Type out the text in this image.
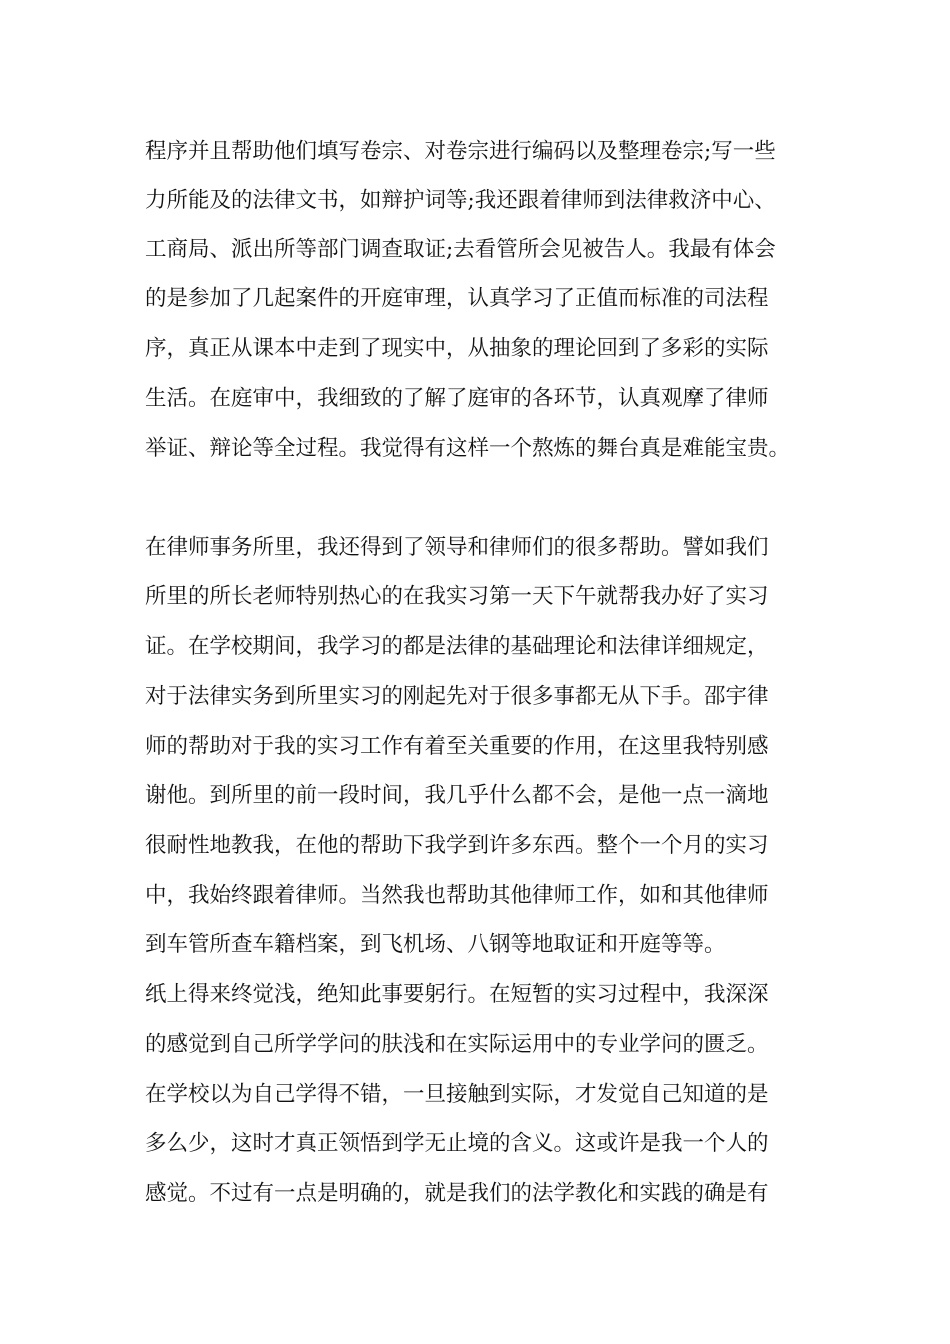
程序并且帮助他们填写卷宗、对卷宗进行编码以及整理卷宗;写一些
力所能及的法律文书，如辩护词等;我还跟着律师到法律救济中心、
工商局、派出所等部门调查取证;去看管所会见被告人。我最有体会
的是参加了几起案件的开庭审理，认真学习了正值而标准的司法程
序，真正从课本中走到了现实中，从抽象的理论回到了多彩的实际
生活。在庭审中，我细致的了解了庭审的各环节，认真观摩了律师
举证、辩论等全过程。我觉得有这样一个熬炼的舞台真是难能宝贵。
在律师事务所里，我还得到了领导和律师们的很多帮助。譬如我们
所里的所长老师特别热心的在我实习第一天下午就帮我办好了实习
证。在学校期间，我学习的都是法律的基础理论和法律详细规定，
对于法律实务到所里实习的刚起先对于很多事都无从下手。邵宇律
师的帮助对于我的实习工作有着至关重要的作用，在这里我特别感
谢他。到所里的前一段时间，我几乎什么都不会，是他一点一滴地
很耐性地教我，在他的帮助下我学到许多东西。整个一个月的实习
中，我始终跟着律师。当然我也帮助其他律师工作，如和其他律师
到车管所查车籍档案，到飞机场、八钢等地取证和开庭等等。
纸上得来终觉浅，绝知此事要躬行。在短暂的实习过程中，我深深
的感觉到自己所学学问的肤浅和在实际运用中的专业学问的匮乏。
在学校以为自己学得不错，一旦接触到实际，才发觉自己知道的是
多么少，这时才真正领悟到学无止境的含义。这或许是我一个人的
感觉。不过有一点是明确的，就是我们的法学教化和实践的确是有
